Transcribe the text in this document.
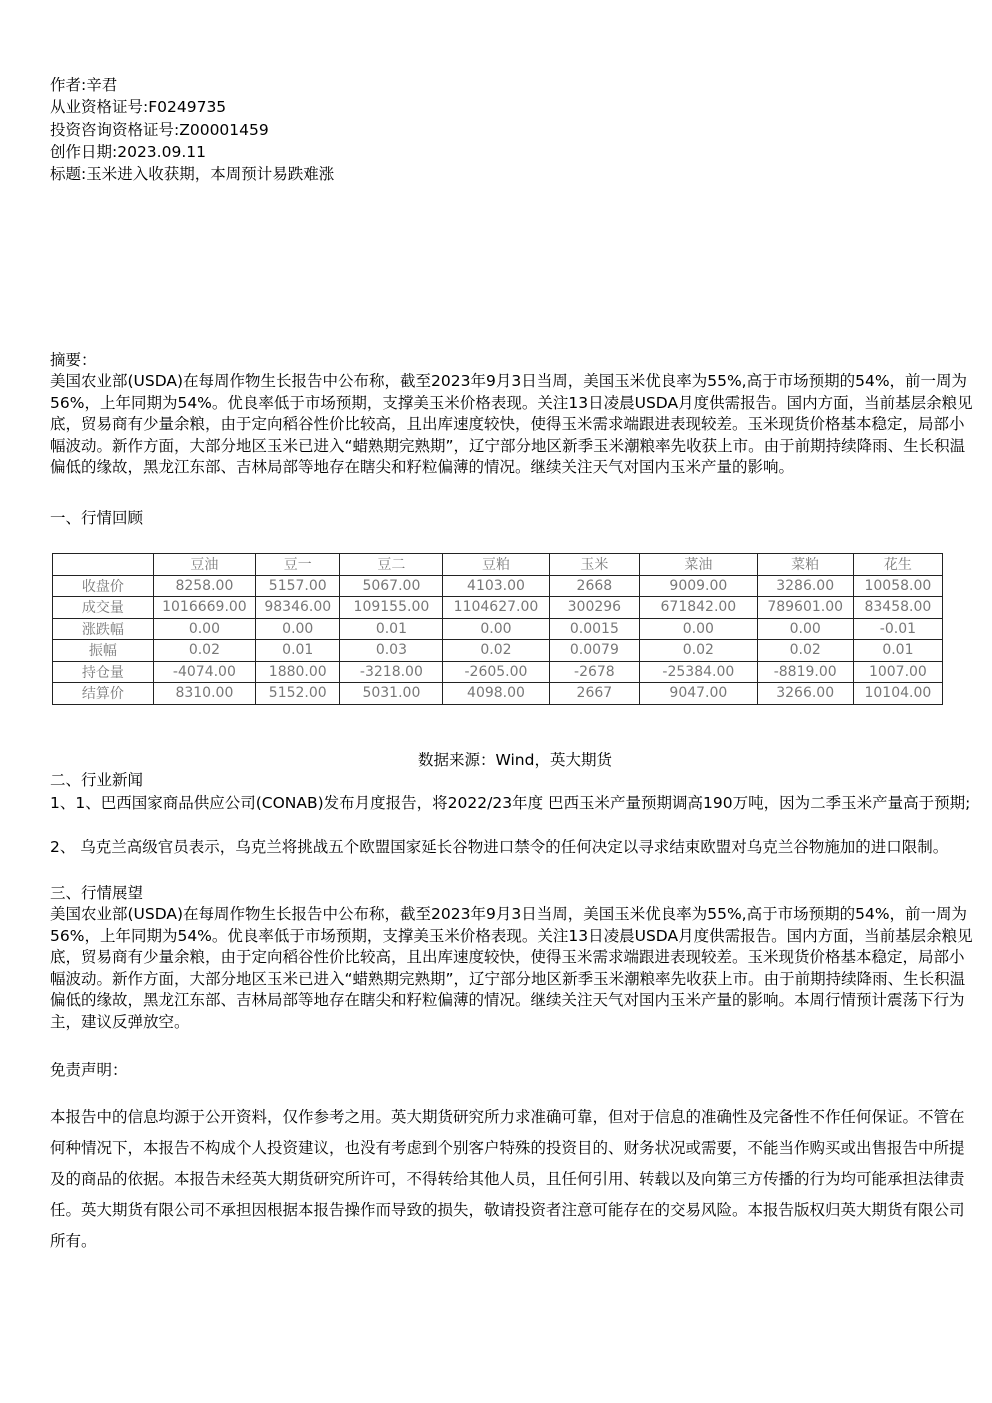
作者:辛君
从业资格证号:F0249735
投资咨询资格证号:Z00001459
创作日期:2023.09.11
标题:玉米进入收获期，本周预计易跌难涨
摘要：
美国农业部(USDA)在每周作物生长报告中公布称，截至2023年9月3日当周，美国玉米优良率为55%,高于市场预期的54%，前一周为56%，上年同期为54%。优良率低于市场预期，支撑美玉米价格表现。关注13日凌晨USDA月度供需报告。国内方面，当前基层余粮见底，贸易商有少量余粮，由于定向稻谷性价比较高，且出库速度较快，使得玉米需求端跟进表现较差。玉米现货价格基本稳定，局部小幅波动。新作方面，大部分地区玉米已进入“蜡熟期完熟期”，辽宁部分地区新季玉米潮粮率先收获上市。由于前期持续降雨、生长积温偏低的缘故，黑龙江东部、吉林局部等地存在瞎尖和籽粒偏薄的情况。继续关注天气对国内玉米产量的影响。
一、行情回顾
	豆油	豆一	豆二	豆粕	玉米	菜油	菜粕	花生
收盘价	8258.00	5157.00	5067.00	4103.00	2668	9009.00	3286.00	10058.00
成交量	1016669.00	98346.00	109155.00	1104627.00	300296	671842.00	789601.00	83458.00
涨跌幅	0.00	0.00	0.01	0.00	0.0015	0.00	0.00	-0.01
振幅	0.02	0.01	0.03	0.02	0.0079	0.02	0.02	0.01
持仓量	-4074.00	1880.00	-3218.00	-2605.00	-2678	-25384.00	-8819.00	1007.00
结算价	8310.00	5152.00	5031.00	4098.00	2667	9047.00	3266.00	10104.00
数据来源：Wind，英大期货
二、行业新闻
1、1、巴西国家商品供应公司(CONAB)发布月度报告，将2022/23年度 巴西玉米产量预期调高190万吨，因为二季玉米产量高于预期;
2、 乌克兰高级官员表示，乌克兰将挑战五个欧盟国家延长谷物进口禁令的任何决定以寻求结束欧盟对乌克兰谷物施加的进口限制。
三、行情展望
美国农业部(USDA)在每周作物生长报告中公布称，截至2023年9月3日当周，美国玉米优良率为55%,高于市场预期的54%，前一周为56%，上年同期为54%。优良率低于市场预期，支撑美玉米价格表现。关注13日凌晨USDA月度供需报告。国内方面，当前基层余粮见底，贸易商有少量余粮，由于定向稻谷性价比较高，且出库速度较快，使得玉米需求端跟进表现较差。玉米现货价格基本稳定，局部小幅波动。新作方面，大部分地区玉米已进入“蜡熟期完熟期”，辽宁部分地区新季玉米潮粮率先收获上市。由于前期持续降雨、生长积温偏低的缘故，黑龙江东部、吉林局部等地存在瞎尖和籽粒偏薄的情况。继续关注天气对国内玉米产量的影响。本周行情预计震荡下行为主，建议反弹放空。
免责声明：
本报告中的信息均源于公开资料，仅作参考之用。英大期货研究所力求准确可靠，但对于信息的准确性及完备性不作任何保证。不管在何种情况下，本报告不构成个人投资建议，也没有考虑到个别客户特殊的投资目的、财务状况或需要，不能当作购买或出售报告中所提及的商品的依据。本报告未经英大期货研究所许可，不得转给其他人员，且任何引用、转载以及向第三方传播的行为均可能承担法律责任。英大期货有限公司不承担因根据本报告操作而导致的损失，敬请投资者注意可能存在的交易风险。本报告版权归英大期货有限公司所有。
